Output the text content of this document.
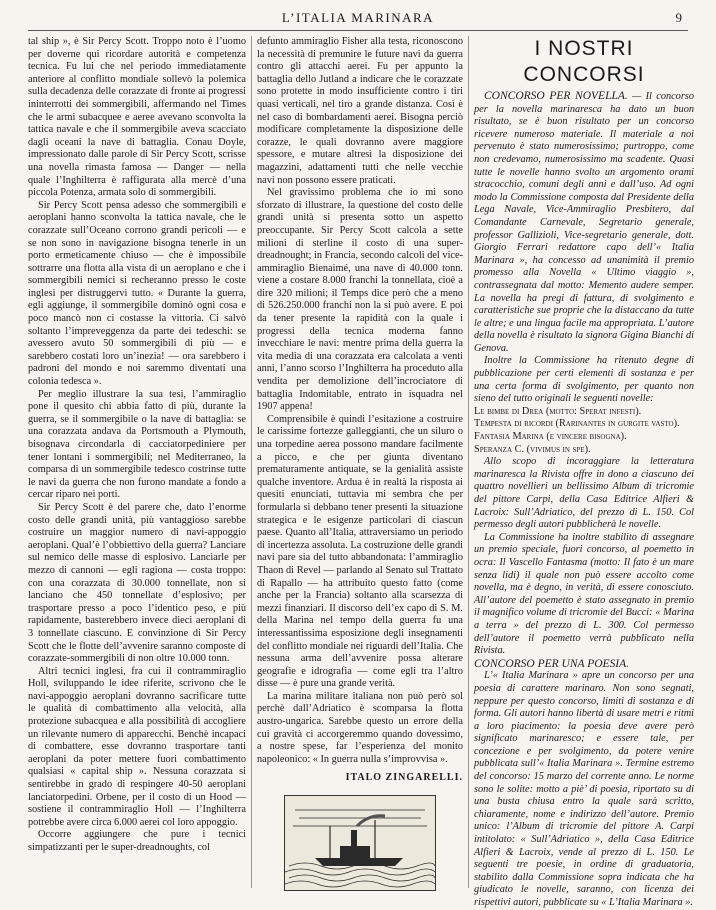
L’ITALIA MARINARA	9

tal ship », è Sir Percy Scott. Troppo noto è l’uomo per doverne qui ricordare autorità e competenza tecnica. Fu lui che nel periodo immediatamente anteriore al conflitto mondiale sollevò la polemica sulla decadenza delle corazzate di fronte ai progressi ininterrotti dei sommergibili, affermando nel Times che le armi subacquee e aeree avevano sconvolta la tattica navale e che il sommergibile aveva scacciato dagli oceani la nave di battaglia. Conau Doyle, impressionato dalle parole di Sir Percy Scott, scrisse una novella rimasta famosa — Danger — nella quale l’Inghilterra è raffigurata alla mercè d’una piccola Potenza, armata solo di sommergibili.

Sir Percy Scott pensa adesso che sommergibili e aeroplani hanno sconvolta la tattica navale, che le corazzate sull’Oceano corrono grandi pericoli — e se non sono in navigazione bisogna tenerle in un porto ermeticamente chiuso — che è impossibile sottrarre una flotta alla vista di un aeroplano e che i sommergibili nemici si recheranno presso le coste inglesi per distruggervi tutto. « Durante la guerra, egli aggiunge, il sommergibile dominò ogni cosa e poco mancò non ci costasse la vittoria. Ci salvò soltanto l’impreveggenza da parte dei tedeschi: se avessero avuto 50 sommergibili di più — e sarebbero costati loro un’inezia! — ora sarebbero i padroni del mondo e noi saremmo diventati una colonia tedesca ».

Per meglio illustrare la sua tesi, l’ammiraglio pone il quesito chi abbia fatto di più, durante la guerra, se il sommergibile o la nave di battaglia: se una corazzata andava da Portsmouth a Plymouth, bisognava circondarla di cacciatorpediniere per tener lontani i sommergibili; nel Mediterraneo, la comparsa di un sommergibile tedesco costrinse tutte le navi da guerra che non furono mandate a fondo a cercar riparo nei porti.

Sir Percy Scott è del parere che, dato l’enorme costo delle grandi unità, più vantaggioso sarebbe costruire un maggior numero di navi-appoggio aeroplani. Qual’è l’obbiettivo della guerra? Lanciare sul nemico delle masse di esplosivo. Lanciarle per mezzo di cannoni — egli ragiona — costa troppo: con una corazzata di 30.000 tonnellate, non si lanciano che 450 tonnellate d’esplosivo; per trasportare presso a poco l’identico peso, e più rapidamente, basterebbero invece dieci aeroplani di 3 tonnellate ciascuno. E convinzione di Sir Percy Scott che le flotte dell’avvenire saranno composte di corazzate-sommergibili di non oltre 10.000 tonn.

Altri tecnici inglesi, fra cui il contrammiraglio Holl, sviluppando le idee riferite, scrivono che le navi-appoggio aeroplani dovranno sacrificare tutte le qualità di combattimento alla velocità, alla protezione subacquea e alla possibilità di accogliere un rilevante numero di apparecchi. Benchè incapaci di combattere, esse dovranno trasportare tanti aeroplani da poter mettere fuori combattimento qualsiasi « capital ship ». Nessuna corazzata si sentirebbe in grado di respingere 40-50 aeroplani lanciatorpedini. Orbene, per il costo di un Hood — sostiene il contrammiraglio Holl — l’Inghilterra potrebbe avere circa 6.000 aerei col loro appoggio.

Occorre aggiungere che pure i tecnici simpatizzanti per le super-dreadnoughts, col

defunto ammiraglio Fisher alla testa, riconoscono la necessità di premunire le future navi da guerra contro gli attacchi aerei. Fu per appunto la battaglia dello Jutland a indicare che le corazzate sono protette in modo insufficiente contro i tiri quasi verticali, nel tiro a grande distanza. Così è nel caso di bombardamenti aerei. Bisogna perciò modificare completamente la disposizione delle corazze, le quali dovranno avere maggiore spessore, e mutare altresì la disposizione dei magazzini, adattamenti tutti che nelle vecchie navi non possono essere praticati.

Nel gravissimo problema che io mi sono sforzato di illustrare, la questione del costo delle grandi unità si presenta sotto un aspetto preoccupante. Sir Percy Scott calcola a sette milioni di sterline il costo di una super-dreadnought; in Francia, secondo calcoli del vice-ammiraglio Bienaimé, una nave di 40.000 tonn. viene a costare 8.000 franchi la tonnellata, cioè a dire 320 milioni; il Temps dice però che a meno di 526.250.000 franchi non la si può avere. E poi da tener presente la rapidità con la quale i progressi della tecnica moderna fanno invecchiare le navi: mentre prima della guerra la vita media di una corazzata era calcolata a venti anni, l’anno scorso l’Inghilterra ha proceduto alla vendita per demolizione dell’incrociatore di battaglia Indomitable, entrato in isquadra nel 1907 appena!

Comprensibile è quindi l’esitazione a costruire le carissime fortezze galleggianti, che un siluro o una torpedine aerea possono mandare facilmente a picco, e che per giunta diventano prematuramente antiquate, se la genialità assiste qualche inventore. Ardua è in realtà la risposta ai quesiti enunciati, tuttavia mi sembra che per formularla si debbano tener presenti la situazione strategica e le esigenze particolari di ciascun paese. Quanto all’Italia, attraversiamo un periodo di incertezza assoluta. La costruzione delle grandi navi pare sia del tutto abbandonata: l’ammiraglio Thaon di Revel — parlando al Senato sul Trattato di Rapallo — ha attribuito questo fatto (come anche per la Francia) soltanto alla scarsezza di mezzi finanziari. Il discorso dell’ex capo di S. M. della Marina nel tempo della guerra fu una interessantissima esposizione degli insegnamenti del conflitto mondiale nei riguardi dell’Italia. Che nessuna arma dell’avvenire possa alterare geografie e idrografia — come egli tra l’altro disse — è pure una grande verità.

La marina militare italiana non può però sol perchè dall’Adriatico è scomparsa la flotta austro-ungarica. Sarebbe questo un errore della cui gravità ci accorgeremmo quando dovessimo, a nostre spese, far l’esperienza del monito napoleonico: « In guerra nulla s’improvvisa ».

ITALO ZINGARELLI.

I NOSTRI CONCORSI

CONCORSO PER NOVELLA. — Il concorso per la novella marinaresca ha dato un buon risultato, se è buon risultato per un concorso ricevere numeroso materiale. Il materiale a noi pervenuto è stato numerosissimo; purtroppo, come non credevamo, numerosissimo ma scadente. Quasi tutte le novelle hanno svolto un argomento orami stracocchio, comuni degli anni e dall’uso. Ad ogni modo la Commissione composta dal Presidente della Lega Navale, Vice-Ammiraglio Presbitero, dal Comandante Carnevale, Segretario generale, professor Gallizioli, Vice-segretario generale, dott. Giorgio Ferrari redattore capo dell’« Italia Marinara », ha concesso ad unanimità il premio promesso alla Novella « Ultimo viaggio », contrassegnata dal motto: Memento audere semper. La novella ha pregi di fattura, di svolgimento e caratteristiche sue proprie che la distaccano da tutte le altre; e una lingua facile ma appropriata. L’autore della novella è risultato la signora Gigina Bianchi di Genova.

Inoltre la Commissione ha ritenuto degne di pubblicazione per certi elementi di sostanza e per una certa forma di svolgimento, per quanto non sieno del tutto originali le seguenti novelle:

Le bimbe di Drea (motto: Sperat infesti).

Tempesta di ricordi (Rarinantes in gurgite vasto).

Fantasia Marina (e vincere bisogna).

Speranza C. (vivimus in spe).

Allo scopo di incoraggiare la letteratura marinaresca la Rivista offre in dono a ciascuno dei quattro novellieri un bellissimo Album di tricromie del pittore Carpi, della Casa Editrice Alfieri & Lacroix: Sull’Adriatico, del prezzo di L. 150. Col permesso degli autori pubblicherà le novelle.

La Commissione ha inoltre stabilito di assegnare un premio speciale, fuori concorso, al poemetto in ocra: Il Vascello Fantasma (motto: Il fato è un mare senza lidi) il quale non può essere accolto come novella, ma è degno, in verità, di essere conosciuto. All’autore del poemetto è stato assegnato in premio il magnifico volume di tricromie del Bucci: « Marina a terra » del prezzo di L. 300. Col permesso dell’autore il poemetto verrà pubblicato nella Rivista.

CONCORSO PER UNA POESIA.

L’« Italia Marinara » apre un concorso per una poesia di carattere marinaro. Non sono segnati, neppure per questo concorso, limiti di sostanza e di forma. Gli autori hanno libertà di usare metri e ritmi a loro piacimento: la poesia deve avere però significato marinaresco; e essere tale, per concezione e per svolgimento, da potere venire pubblicata sull’« Italia Marinara ». Termine estremo del concorso: 15 marzo del corrente anno. Le norme sono le solite: motto a piè’ di poesia, riportato su di una busta chiusa entro la quale sarà scritto, chiaramente, nome e indirizzo dell’autore. Premio unico: l’Album di tricromie del pittore A. Carpi intitolato: « Sull’Adriatico », della Casa Editrice Alfieri & Lacroix, vende al prezzo di L. 150. Le seguenti tre poesie, in ordine di graduatoria, stabilito dalla Commissione sopra indicata che ha giudicato le novelle, saranno, con licenza dei rispettivi autori, pubblicate su « L’Italia Marinara ».
